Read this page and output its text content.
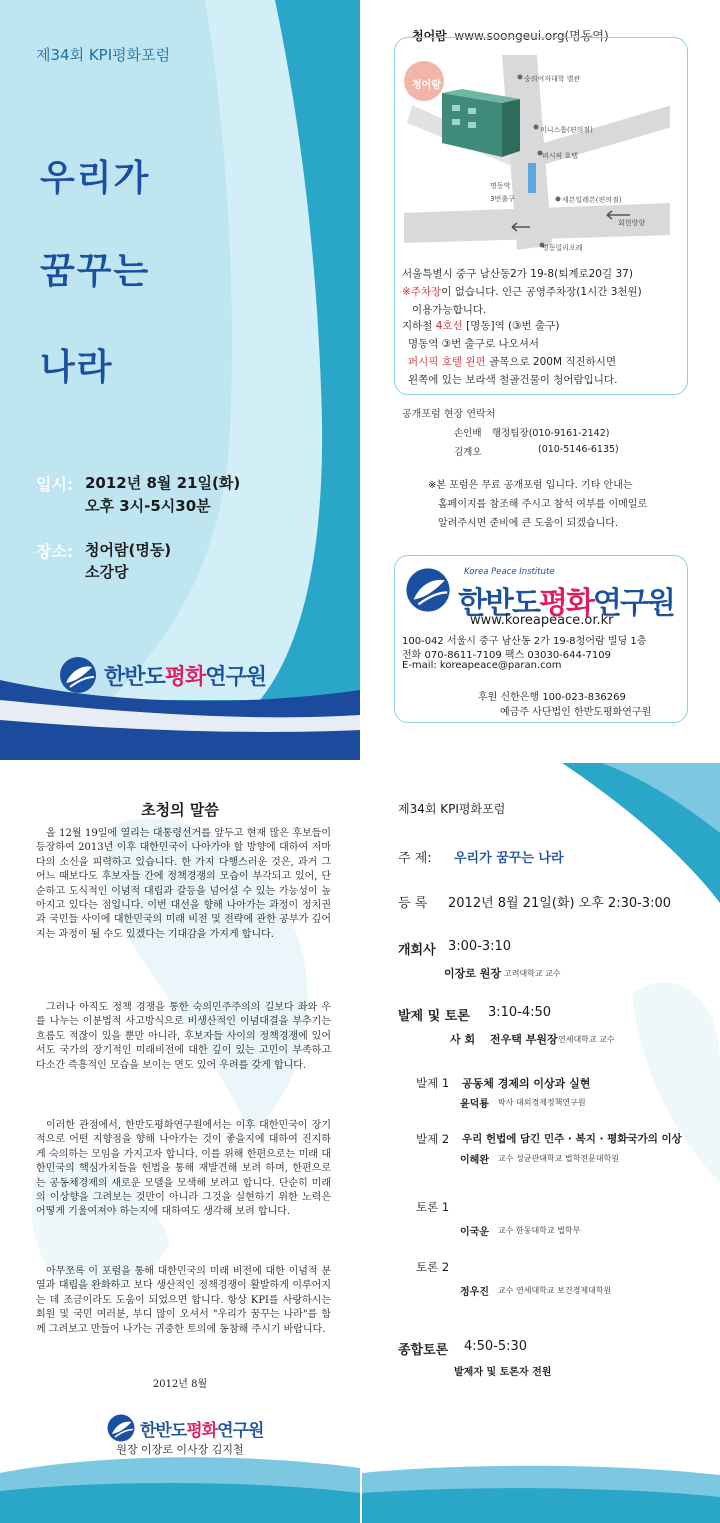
제34회 KPI평화포럼
우리가
꿈꾸는
나라
일시: 2012년 8월 21일(화)
오후 3시-5시30분
장소: 청어람(명동)
소강당
한반도평화연구원
청어람 www.soongeui.org(명동역)
청어람
숭의여자대학 별관
미니스톱(편의점)
퍼시픽 호텔
명동역
3번출구	세븐일레븐(편의점)
회현방향
명동밀리오레
서울특별시 중구 남산동2가 19-8(퇴계로20길 37)
※주차장이 없습니다. 인근 공영주차장(1시간 3천원)
이용가능합니다.
지하철 4호선 [명동]역 (③번 출구)
명동역 ③번 출구로 나오셔서
퍼시픽 호텔 왼편 골목으로 200M 직진하시면
왼쪽에 있는 보라색 철골건물이 청어람입니다.
공개포럼 현장 연락처
손인배 행정팀장(010-9161-2142)
김계오	(010-5146-6135)
※본 포럼은 무료 공개포럼 입니다. 기타 안내는
홈페이지를 참조해 주시고 참석 여부를 이메일로
알려주시면 준비에 큰 도움이 되겠습니다.
Korea Peace Institute
한반도평화연구원
www.koreapeace.or.kr
100-042 서울시 중구 남산동 2가 19-8청어람 빌딩 1층
전화 070-8611-7109 팩스 03030-644-7109
E-mail: koreapeace@paran.com
후원 신한은행 100-023-836269
예금주 사단법인 한반도평화연구원
초청의 말씀

올 12월 19일에 열리는 대통령선거를 앞두고 현재 많은 후보들이 등장하여 2013년 이후 대한민국이 나아가야 할 방향에 대하여 저마다의 소신을 피력하고 있습니다. 한 가지 다행스러운 것은, 과거 그 어느 때보다도 후보자들 간에 정책경쟁의 모습이 부각되고 있어, 단순하고 도식적인 이념적 대립과 갈등을 넘어설 수 있는 가능성이 높아지고 있다는 점입니다. 이번 대선을 향해 나아가는 과정이 정치권과 국민들 사이에 대한민국의 미래 비전 및 전략에 관한 공부가 깊어지는 과정이 될 수도 있겠다는 기대감을 가지게 합니다.

그러나 아직도 정책 경쟁을 통한 숙의민주주의의 길보다 좌와 우를 나누는 이분법적 사고방식으로 비생산적인 이념대결을 부추기는 흐름도 적잖이 있을 뿐만 아니라, 후보자들 사이의 정책경쟁에 있어서도 국가의 장기적인 미래비전에 대한 깊이 있는 고민이 부족하고 다소간 즉흥적인 모습을 보이는 면도 있어 우려를 갖게 합니다.

이러한 관점에서, 한반도평화연구원에서는 이후 대한민국이 장기적으로 어떤 지향점을 향해 나아가는 것이 좋을지에 대하여 진지하게 숙의하는 모임을 가지고자 합니다. 이를 위해 한편으로는 미래 대한민국의 핵심가치들을 헌법을 통해 재발견해 보려 하며, 한편으로는 공동체경제의 새로운 모델을 모색해 보려고 합니다. 단순히 미래의 이상향을 그려보는 것만이 아니라 그것을 실현하기 위한 노력은 어떻게 기울여져야 하는지에 대하여도 생각해 보려 합니다.

아무쪼록 이 포럼을 통해 대한민국의 미래 비전에 대한 이념적 분열과 대립을 완화하고 보다 생산적인 정책경쟁이 활발하게 이루어지는 데 조금이라도 도움이 되었으면 합니다. 항상 KPI를 사랑하시는 회원 및 국민 여러분, 부디 많이 오셔서 "우리가 꿈꾸는 나라"를 함께 그려보고 만들어 나가는 귀중한 토의에 동참해 주시기 바랍니다.

2012년 8월
한반도평화연구원
원장 이장로 이사장 김지철
제34회 KPI평화포럼
주 제: 우리가 꿈꾸는 나라
등 록 2012년 8월 21일(화) 오후 2:30-3:00
개회사 3:00-3:10
이장로 원장 고려대학교 교수
발제 및 토론 3:10-4:50
사 회 전우택 부원장 연세대학교 교수
발제 1 공동체 경제의 이상과 실현
윤덕룡 박사 대외경제정책연구원
발제 2 우리 헌법에 담긴 민주 · 복지 · 평화국가의 이상
이헤완 교수 성균관대학교 법학전문대학원
토론 1
이국운 교수 한동대학교 법학부
토론 2
정우진 교수 연세대학교 보건경제대학원
종합토론 4:50-5:30
발제자 및 토론자 전원
